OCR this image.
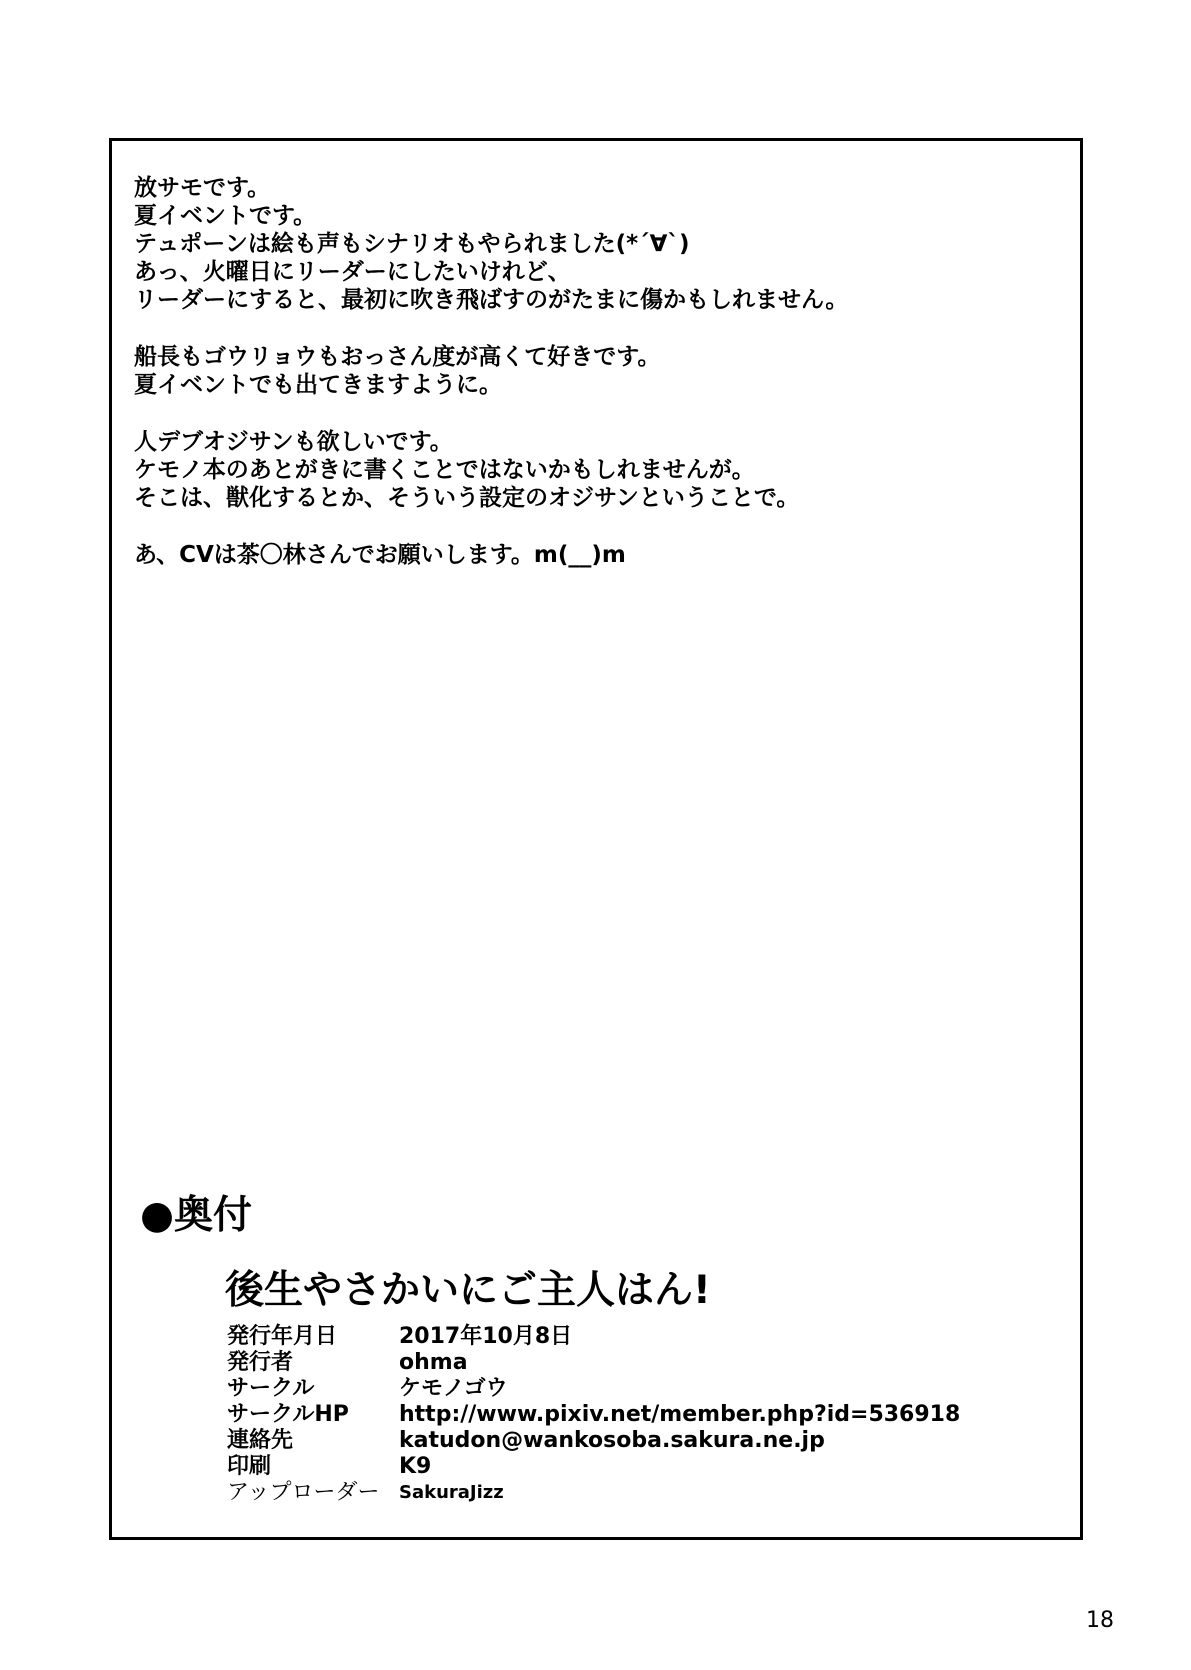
放サモです。
夏イベントです。
テュポーンは絵も声もシナリオもやられました(*´∀`)
あっ、火曜日にリーダーにしたいけれど、
リーダーにすると、最初に吹き飛ばすのがたまに傷かもしれません。
船長もゴウリョウもおっさん度が高くて好きです。
夏イベントでも出てきますように。
人デブオジサンも欲しいです。
ケモノ本のあとがきに書くことではないかもしれませんが。
そこは、獣化するとか、そういう設定のオジサンということで。
あ、CVは茶〇林さんでお願いします。m(__)m
●奥付
後生やさかいにご主人はん!
発行年月日	2017年10月8日
発行者	ohma
サークル	ケモノゴウ
サークルHP	http://www.pixiv.net/member.php?id=536918
連絡先	katudon@wankosoba.sakura.ne.jp
印刷	K9
アップローダー	SakuraJizz
18
